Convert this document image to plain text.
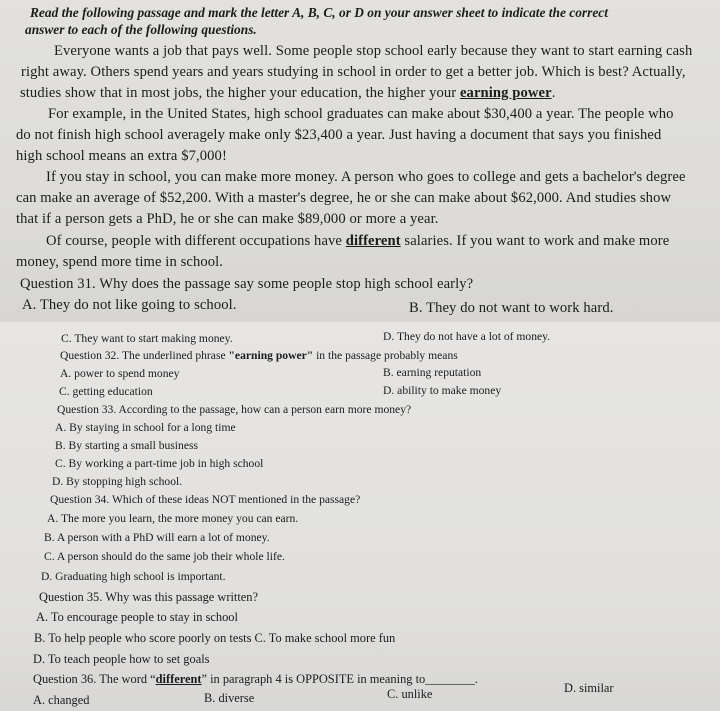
Read the following passage and mark the letter A, B, C, or D on your answer sheet to indicate the correct
answer to each of the following questions.
Everyone wants a job that pays well. Some people stop school early because they want to start earning cash
right away. Others spend years and years studying in school in order to get a better job. Which is best? Actually,
studies show that in most jobs, the higher your education, the higher your earning power.
For example, in the United States, high school graduates can make about $30,400 a year. The people who
do not finish high school averagely make only $23,400 a year. Just having a document that says you finished
high school means an extra $7,000!
If you stay in school, you can make more money. A person who goes to college and gets a bachelor's degree
can make an average of $52,200. With a master's degree, he or she can make about $62,000. And studies show
that if a person gets a PhD, he or she can make $89,000 or more a year.
Of course, people with different occupations have different salaries. If you want to work and make more
money, spend more time in school.
Question 31. Why does the passage say some people stop high school early?
A. They do not like going to school.	B. They do not want to work hard.
C. They want to start making money.	D. They do not have a lot of money.
Question 32. The underlined phrase "earning power" in the passage probably means
A. power to spend money	B. earning reputation
C. getting education	D. ability to make money
Question 33. According to the passage, how can a person earn more money?
A. By staying in school for a long time
B. By starting a small business
C. By working a part-time job in high school
D. By stopping high school.
Question 34. Which of these ideas NOT mentioned in the passage?
A. The more you learn, the more money you can earn.
B. A person with a PhD will earn a lot of money.
C. A person should do the same job their whole life.
D. Graduating high school is important.
Question 35. Why was this passage written?
A. To encourage people to stay in school
B. To help people who score poorly on tests C. To make school more fun
D. To teach people how to set goals
Question 36. The word “different” in paragraph 4 is OPPOSITE in meaning to________.
A. changed	B. diverse	C. unlike	D. similar
